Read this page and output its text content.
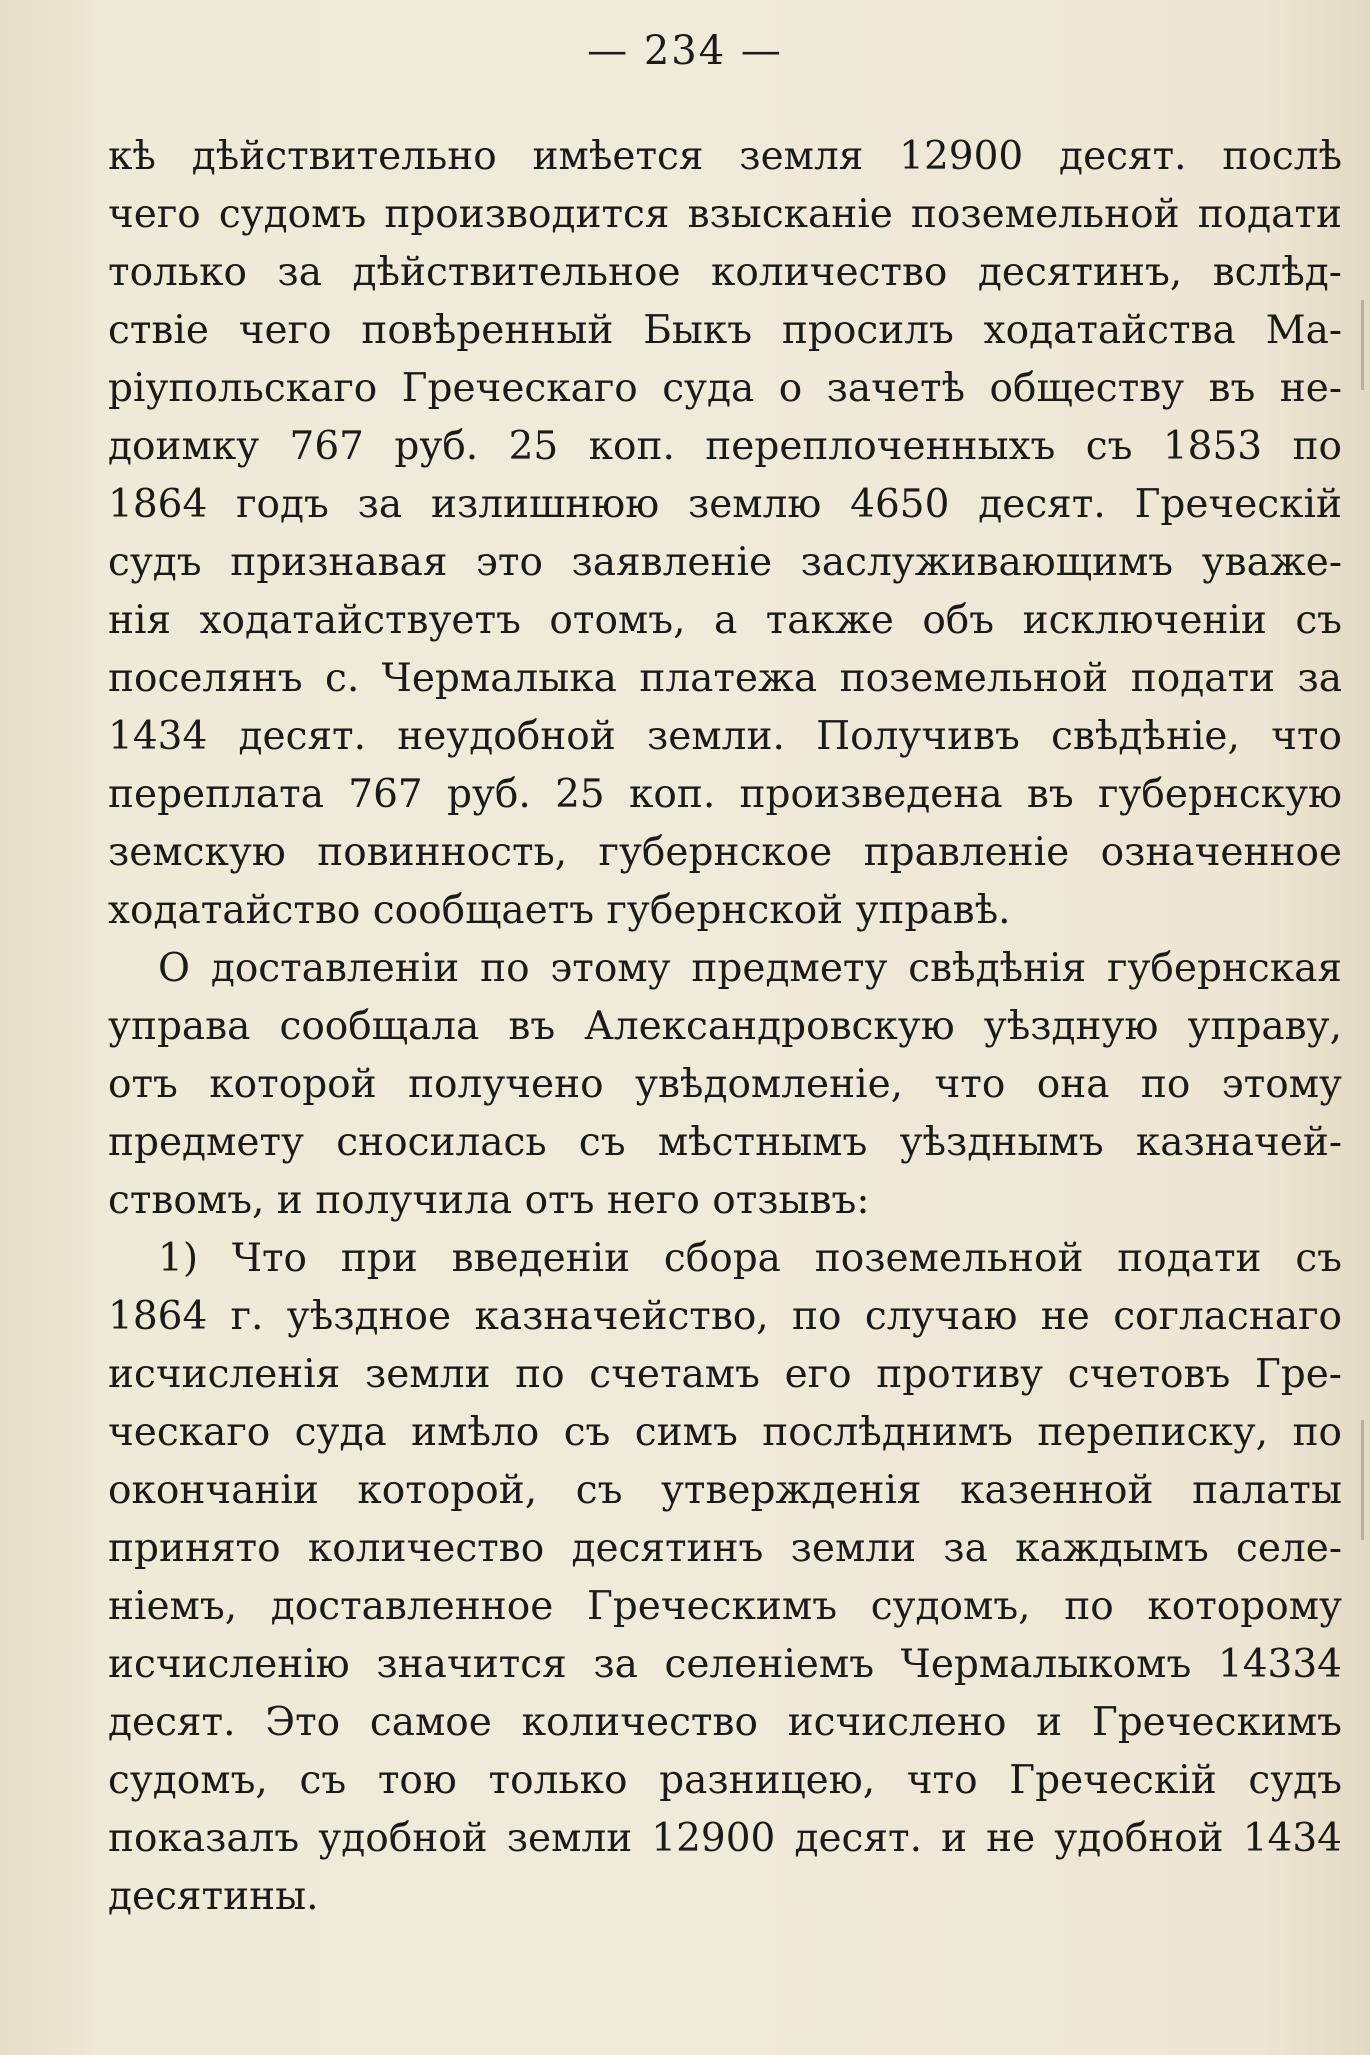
— 234 —
кѣ дѣйствительно имѣется земля 12900 десят. послѣ
чего судомъ производится взысканіе поземельной подати
только за дѣйствительное количество десятинъ, вслѣд-
ствіе чего повѣренный Быкъ просилъ ходатайства Ма-
ріупольскаго Греческаго суда о зачетѣ обществу въ не-
доимку 767 руб. 25 коп. переплоченныхъ съ 1853 по
1864 годъ за излишнюю землю 4650 десят. Греческій
судъ признавая это заявленіе заслуживающимъ уваже-
нія ходатайствуетъ отомъ, а также объ исключеніи съ
поселянъ с. Чермалыка платежа поземельной подати за
1434 десят. неудобной земли. Получивъ свѣдѣніе, что
переплата 767 руб. 25 коп. произведена въ губернскую
земскую повинность, губернское правленіе означенное
ходатайство сообщаетъ губернской управѣ.
О доставленіи по этому предмету свѣдѣнія губернская
управа сообщала въ Александровскую уѣздную управу,
отъ которой получено увѣдомленіе, что она по этому
предмету сносилась съ мѣстнымъ уѣзднымъ казначей-
ствомъ, и получила отъ него отзывъ:
1) Что при введеніи сбора поземельной подати съ
1864 г. уѣздное казначейство, по случаю не согласнаго
исчисленія земли по счетамъ его противу счетовъ Гре-
ческаго суда имѣло съ симъ послѣднимъ переписку, по
окончаніи которой, съ утвержденія казенной палаты
принято количество десятинъ земли за каждымъ селе-
ніемъ, доставленное Греческимъ судомъ, по которому
исчисленію значится за селеніемъ Чермалыкомъ 14334
десят. Это самое количество исчислено и Греческимъ
судомъ, съ тою только разницею, что Греческій судъ
показалъ удобной земли 12900 десят. и не удобной 1434
десятины.
